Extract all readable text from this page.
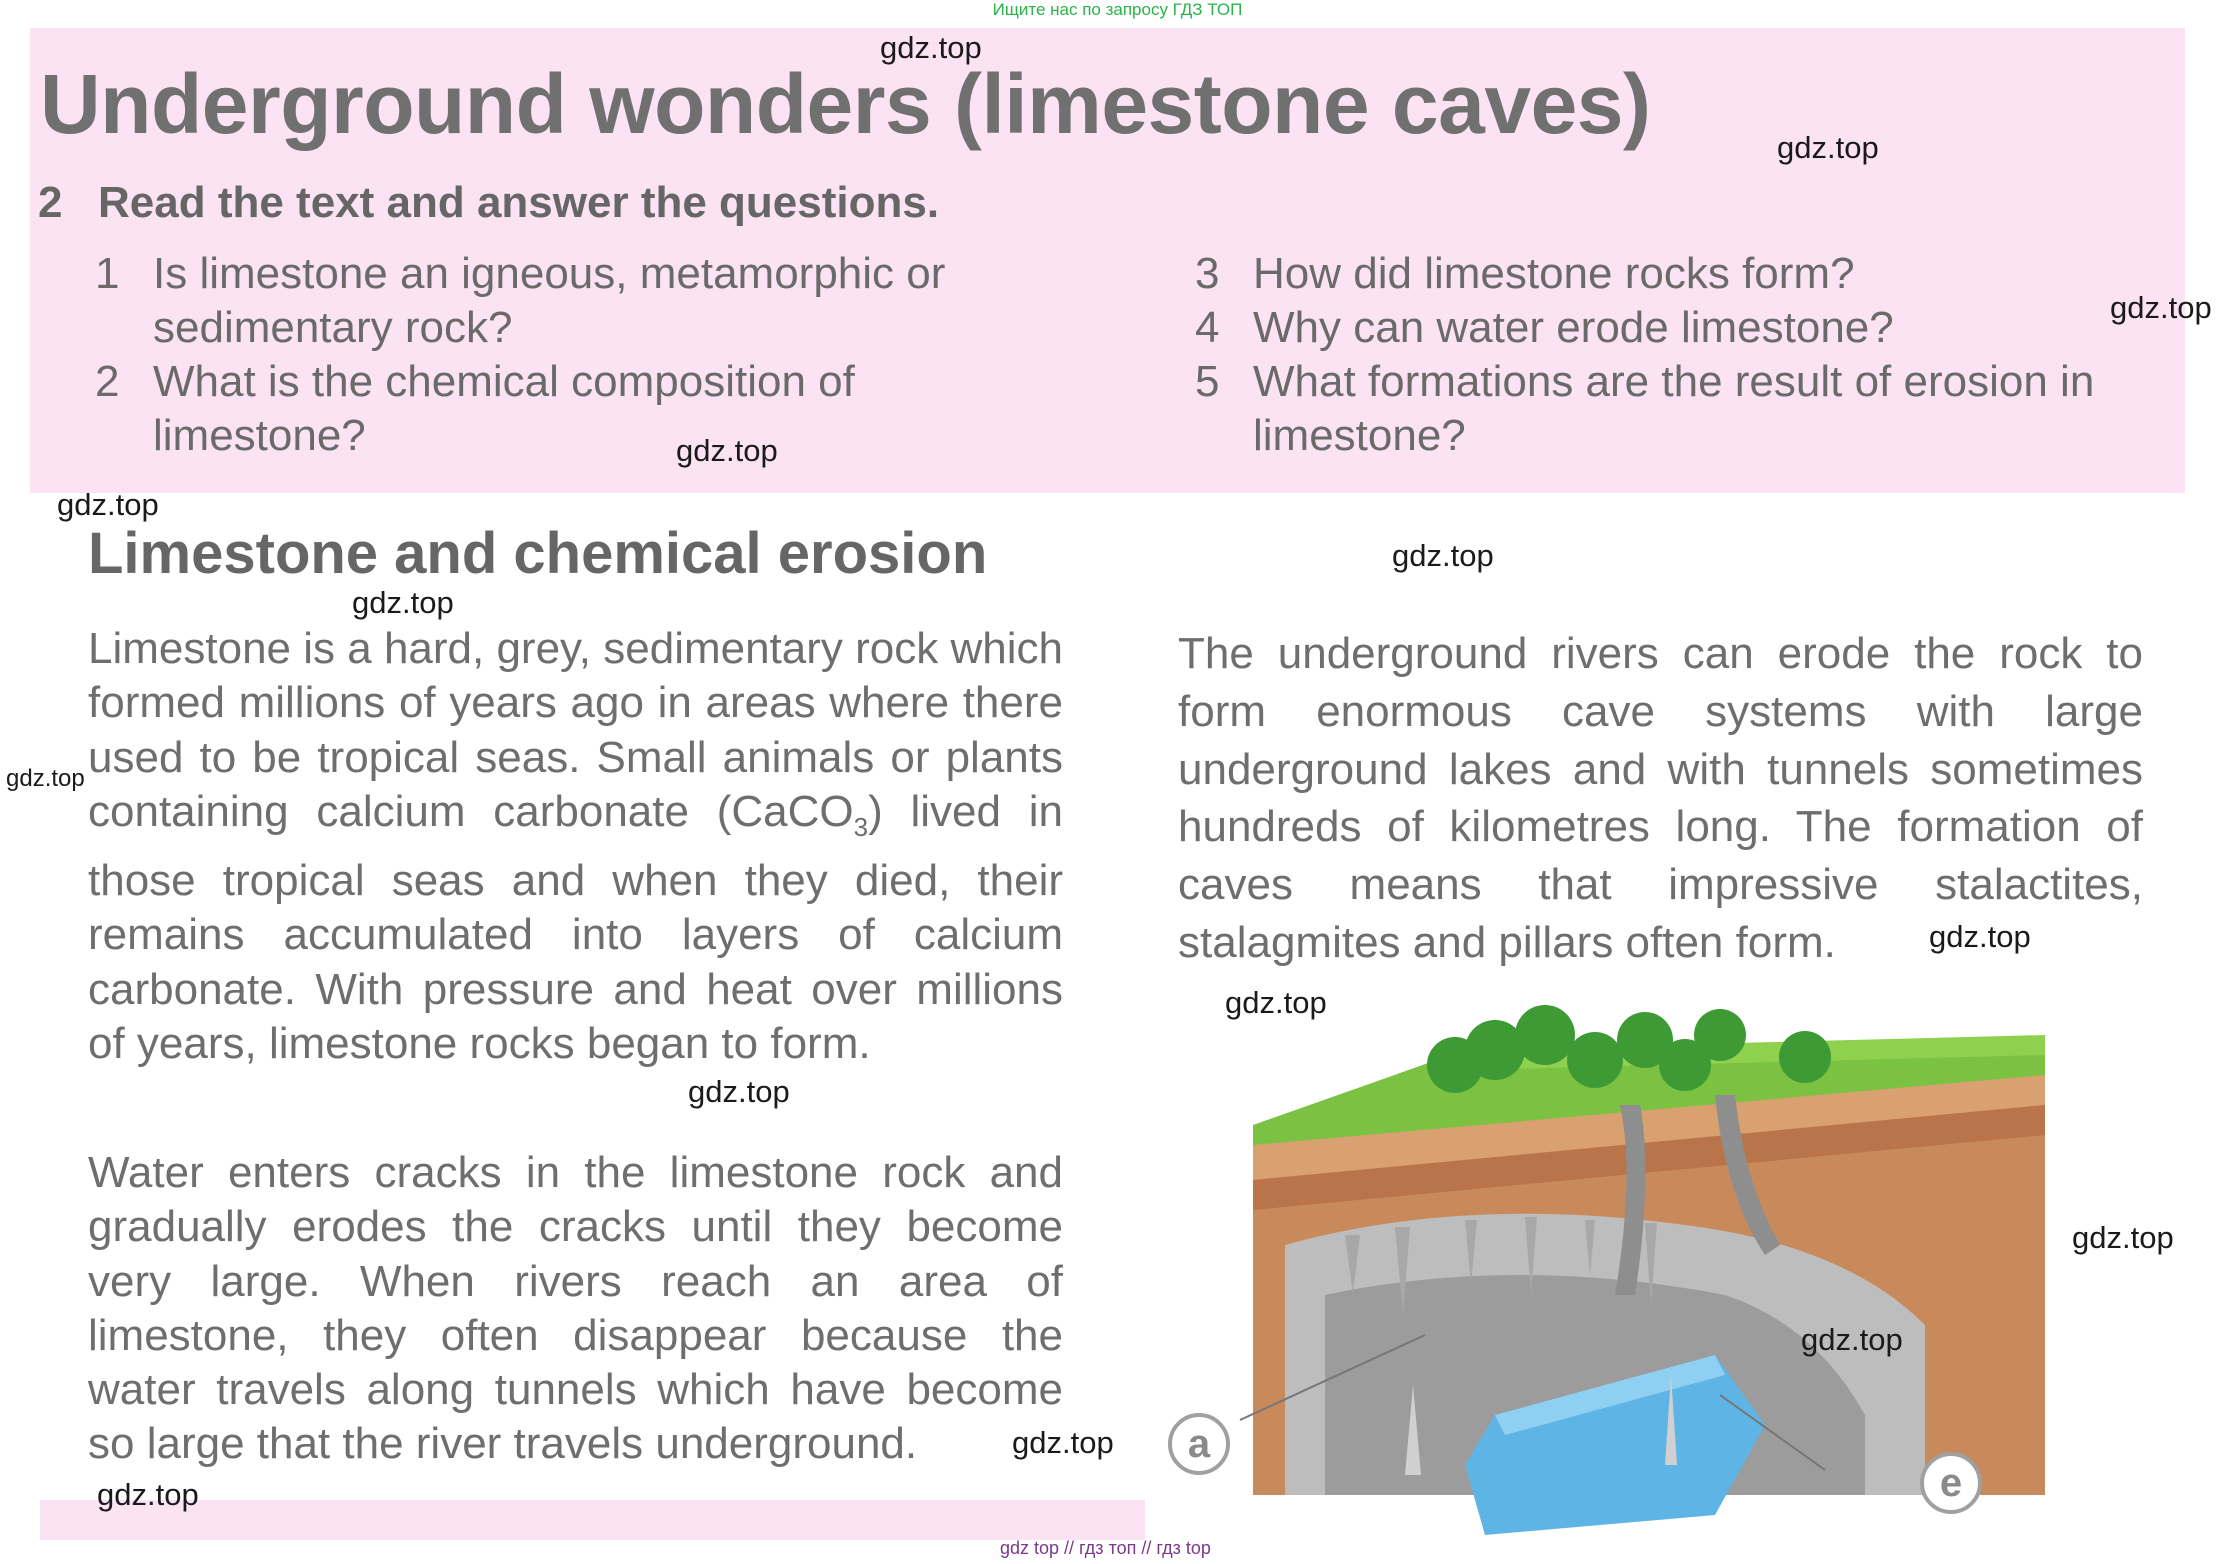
Ищите нас по запросу ГДЗ ТОП
Underground wonders (limestone caves)
2 Read the text and answer the questions.
1 Is limestone an igneous, metamorphic or sedimentary rock?
2 What is the chemical composition of limestone?
3 How did limestone rocks form?
4 Why can water erode limestone?
5 What formations are the result of erosion in limestone?
Limestone and chemical erosion

Limestone is a hard, grey, sedimentary rock which formed millions of years ago in areas where there used to be tropical seas. Small animals or plants containing calcium carbonate (CaCO$_3$) lived in those tropical seas and when they died, their remains accumulated into layers of calcium carbonate. With pressure and heat over millions of years, limestone rocks began to form.

Water enters cracks in the limestone rock and gradually erodes the cracks until they become very large. When rivers reach an area of limestone, they often disappear because the water travels along tunnels which have become so large that the river travels underground.

The underground rivers can erode the rock to form enormous cave systems with large underground lakes and with tunnels sometimes hundreds of kilometres long. The formation of caves means that impressive stalactites, stalagmites and pillars often form.

a
e
gdz.top
gdz.top
gdz.top
gdz.top
gdz.top
gdz.top
gdz.top
gdz.top
gdz.top
gdz.top
gdz.top
gdz.top
gdz.top
gdz.top
gdz.top
gdz top // гдз топ // гдз top
